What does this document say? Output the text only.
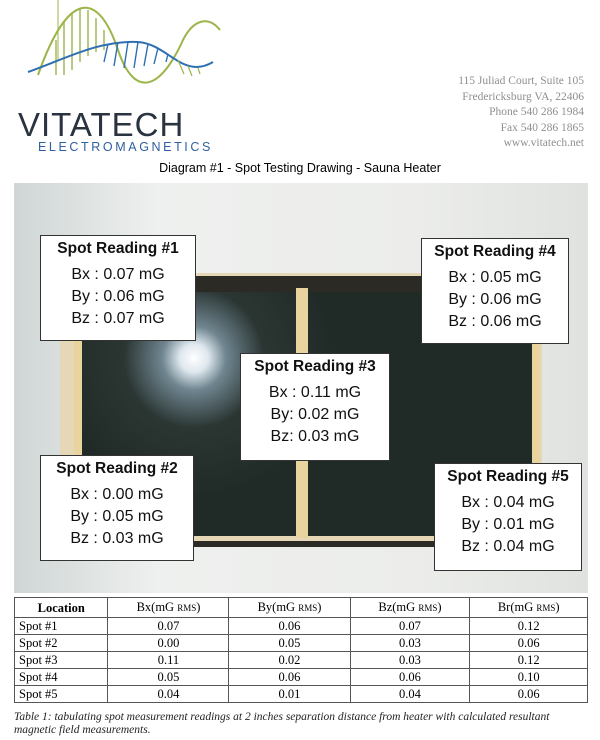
VITATECH
ELECTROMAGNETICS
115 Juliad Court, Suite 105
Fredericksburg VA, 22406
Phone 540 286 1984
Fax 540 286 1865
www.vitatech.net
Diagram #1 - Spot Testing Drawing - Sauna Heater
Spot Reading #1
Bx : 0.07 mG
By : 0.06 mG
Bz : 0.07 mG
Spot Reading #4
Bx : 0.05 mG
By : 0.06 mG
Bz : 0.06 mG
Spot Reading #3
Bx : 0.11 mG
By: 0.02 mG
Bz: 0.03 mG
Spot Reading #2
Bx : 0.00 mG
By : 0.05 mG
Bz : 0.03 mG
Spot Reading #5
Bx : 0.04 mG
By : 0.01 mG
Bz : 0.04 mG
Location	Bx(mG RMS)	By(mG RMS)	Bz(mG RMS)	Br(mG RMS)
Spot #1	0.07	0.06	0.07	0.12
Spot #2	0.00	0.05	0.03	0.06
Spot #3	0.11	0.02	0.03	0.12
Spot #4	0.05	0.06	0.06	0.10
Spot #5	0.04	0.01	0.04	0.06
Table 1: tabulating spot measurement readings at 2 inches separation distance from heater with calculated resultant magnetic field measurements.
